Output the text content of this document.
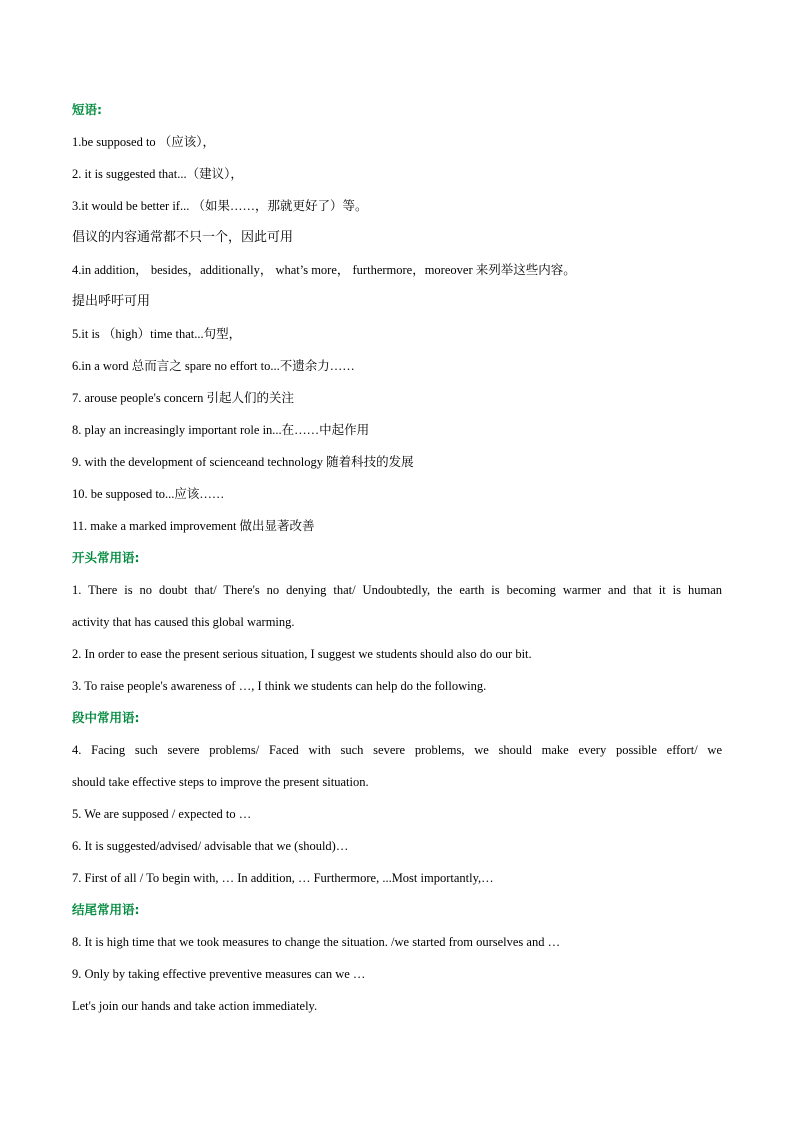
短语:
1.be supposed to （应该），
2. it is suggested that...（建议），
3.it would be better if... （如果……，那就更好了）等。
倡议的内容通常都不只一个，因此可用
4.in addition， besides，additionally， what’s more， furthermore，moreover 来列举这些内容。
提出呼吁可用
5.it is （high）time that...句型，
6.in a word 总而言之 spare no effort to...不遗余力……
7. arouse people's concern 引起人们的关注
8. play an increasingly important role in...在……中起作用
9. with the development of scienceand technology 随着科技的发展
10. be supposed to...应该……
11. make a marked improvement 做出显著改善
开头常用语:
1. There is no doubt that/ There's no denying that/ Undoubtedly, the earth is becoming warmer and that it is human
activity that has caused this global warming.
2. In order to ease the present serious situation, I suggest we students should also do our bit.
3. To raise people's awareness of …, I think we students can help do the following.
段中常用语:
4. Facing such severe problems/ Faced with such severe problems, we should make every possible effort/ we
should take effective steps to improve the present situation.
5. We are supposed / expected to …
6. It is suggested/advised/ advisable that we (should)…
7. First of all / To begin with, … In addition, … Furthermore, ...Most importantly,…
结尾常用语:
8. It is high time that we took measures to change the situation. /we started from ourselves and …
9. Only by taking effective preventive measures can we …
Let's join our hands and take action immediately.
